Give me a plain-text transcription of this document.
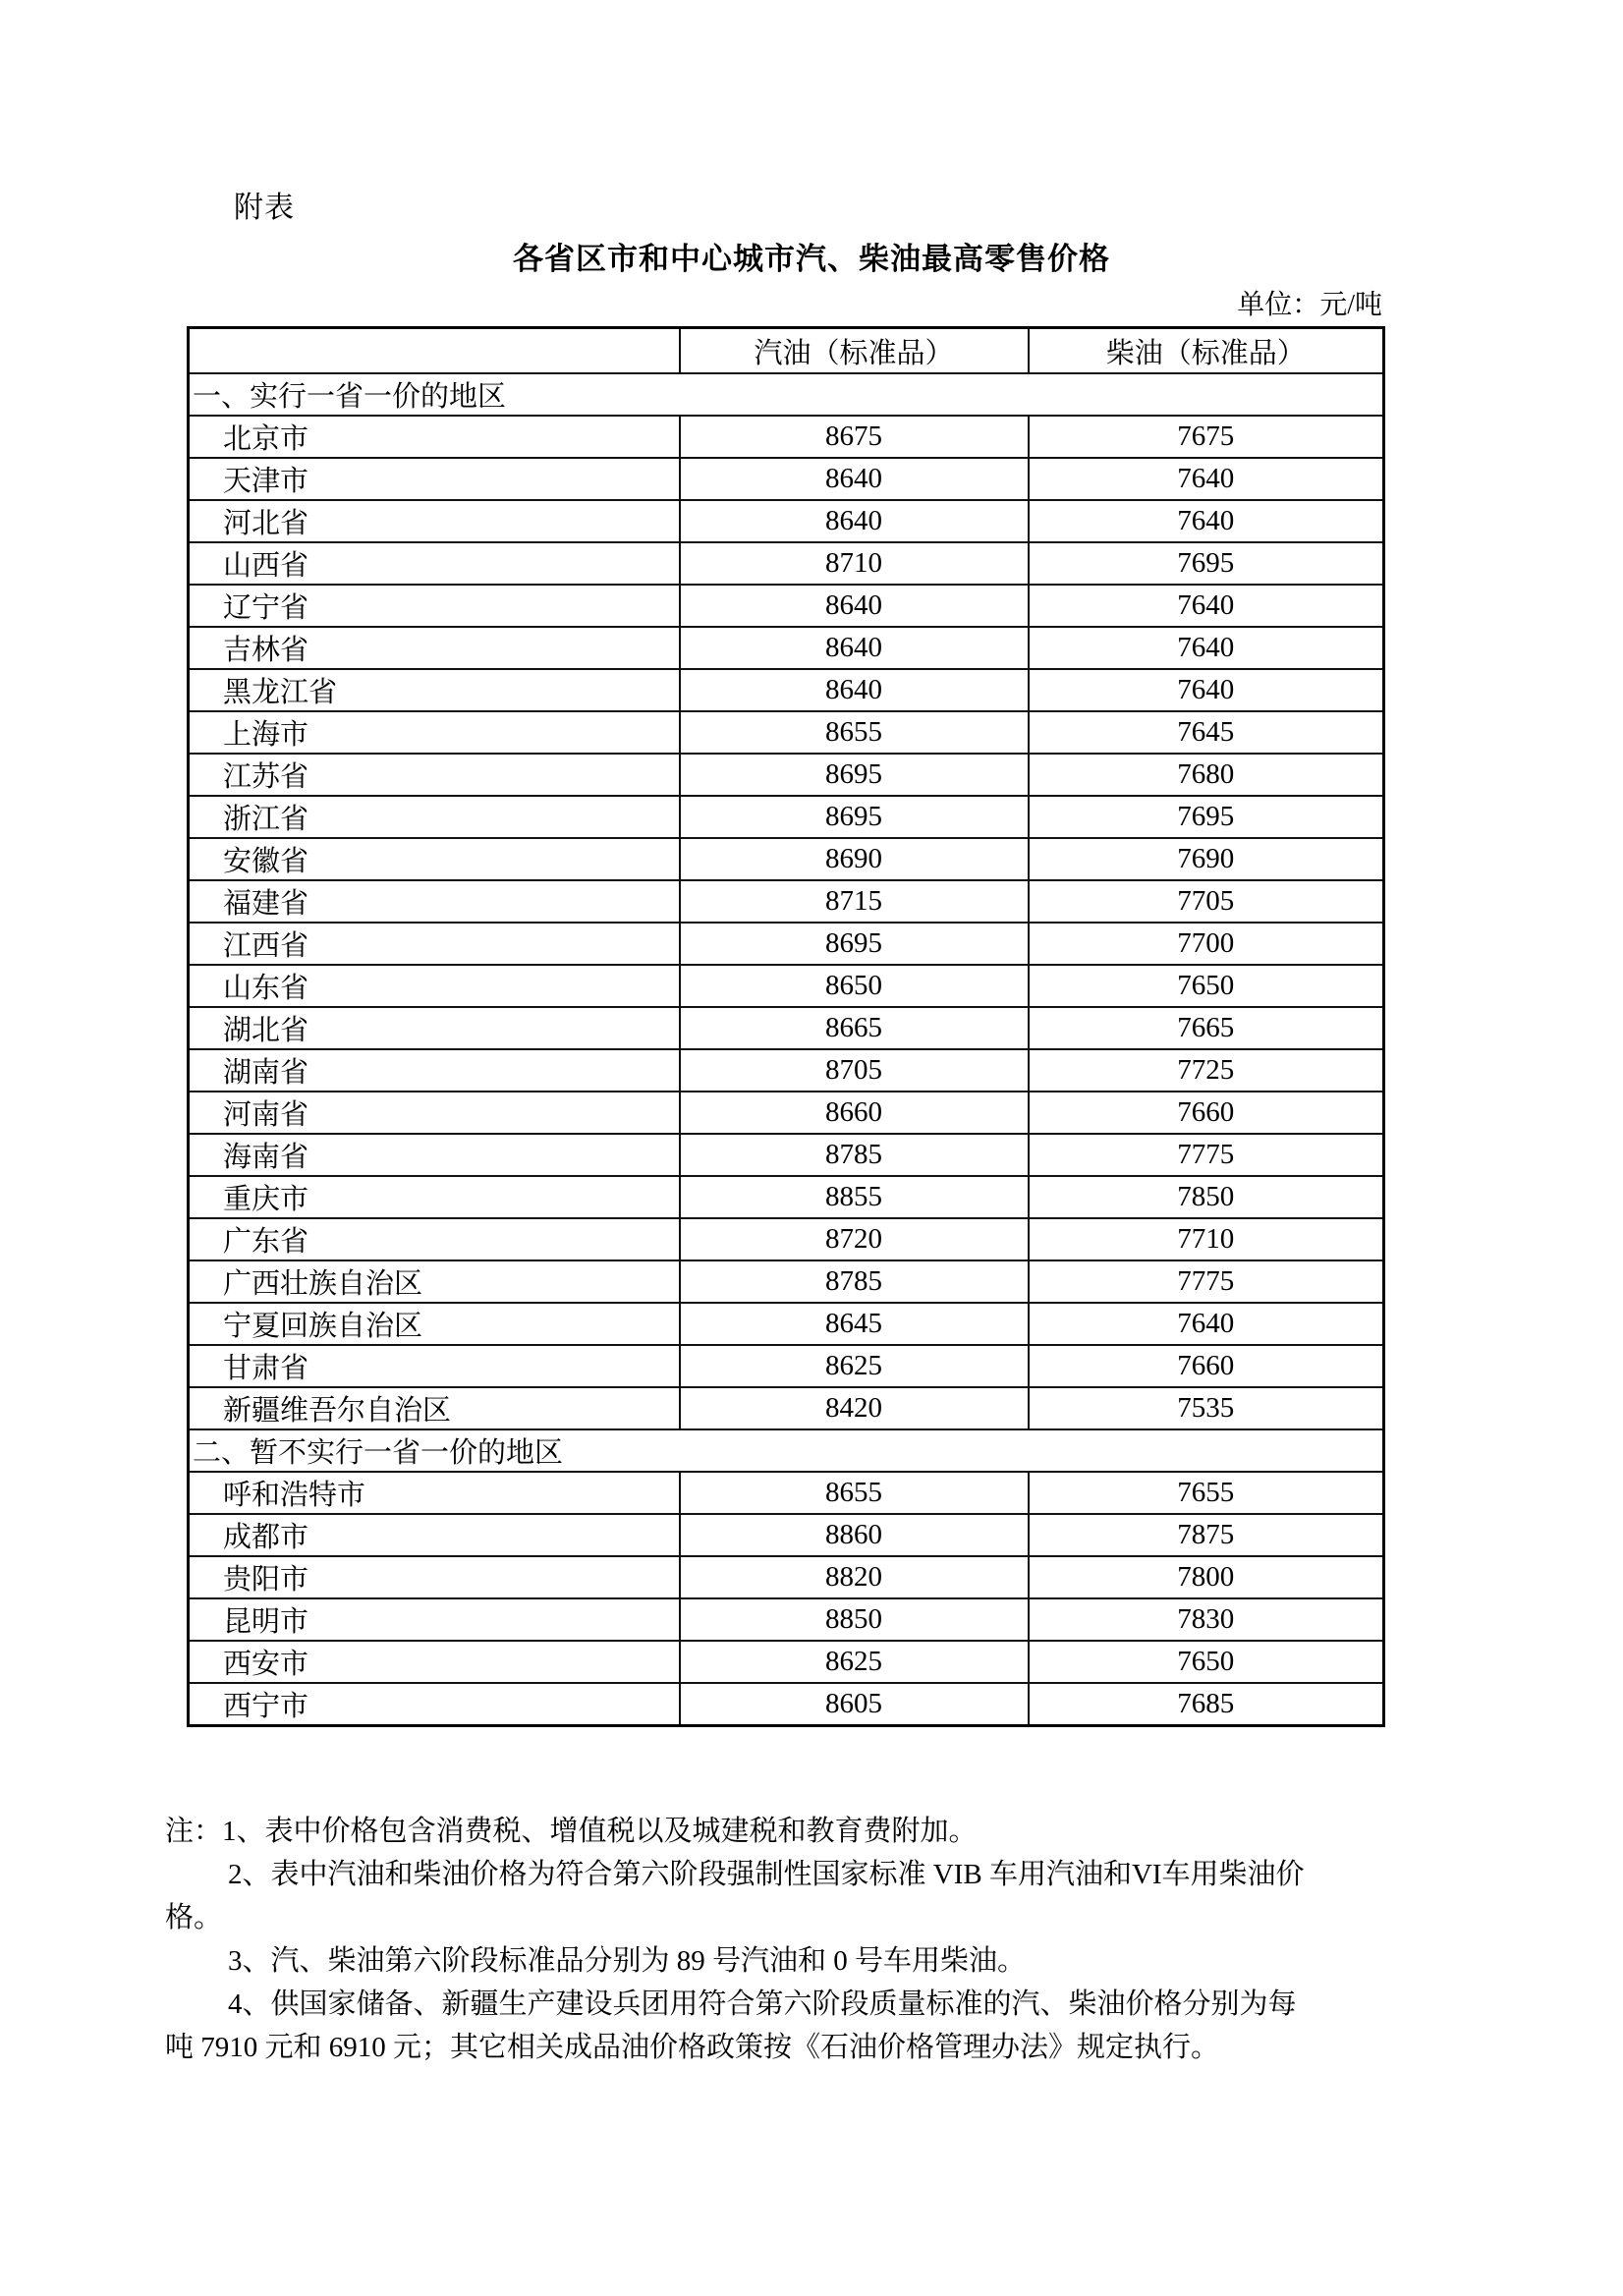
附表
各省区市和中心城市汽、柴油最高零售价格
单位：元/吨
	汽油（标准品）	柴油（标准品）
一、实行一省一价的地区		
北京市	8675	7675
天津市	8640	7640
河北省	8640	7640
山西省	8710	7695
辽宁省	8640	7640
吉林省	8640	7640
黑龙江省	8640	7640
上海市	8655	7645
江苏省	8695	7680
浙江省	8695	7695
安徽省	8690	7690
福建省	8715	7705
江西省	8695	7700
山东省	8650	7650
湖北省	8665	7665
湖南省	8705	7725
河南省	8660	7660
海南省	8785	7775
重庆市	8855	7850
广东省	8720	7710
广西壮族自治区	8785	7775
宁夏回族自治区	8645	7640
甘肃省	8625	7660
新疆维吾尔自治区	8420	7535
二、暂不实行一省一价的地区		
呼和浩特市	8655	7655
成都市	8860	7875
贵阳市	8820	7800
昆明市	8850	7830
西安市	8625	7650
西宁市	8605	7685
注：1、表中价格包含消费税、增值税以及城建税和教育费附加。
2、表中汽油和柴油价格为符合第六阶段强制性国家标准 VIB 车用汽油和VI车用柴油价
格。
3、汽、柴油第六阶段标准品分别为 89 号汽油和 0 号车用柴油。
4、供国家储备、新疆生产建设兵团用符合第六阶段质量标准的汽、柴油价格分别为每
吨 7910 元和 6910 元；其它相关成品油价格政策按《石油价格管理办法》规定执行。
